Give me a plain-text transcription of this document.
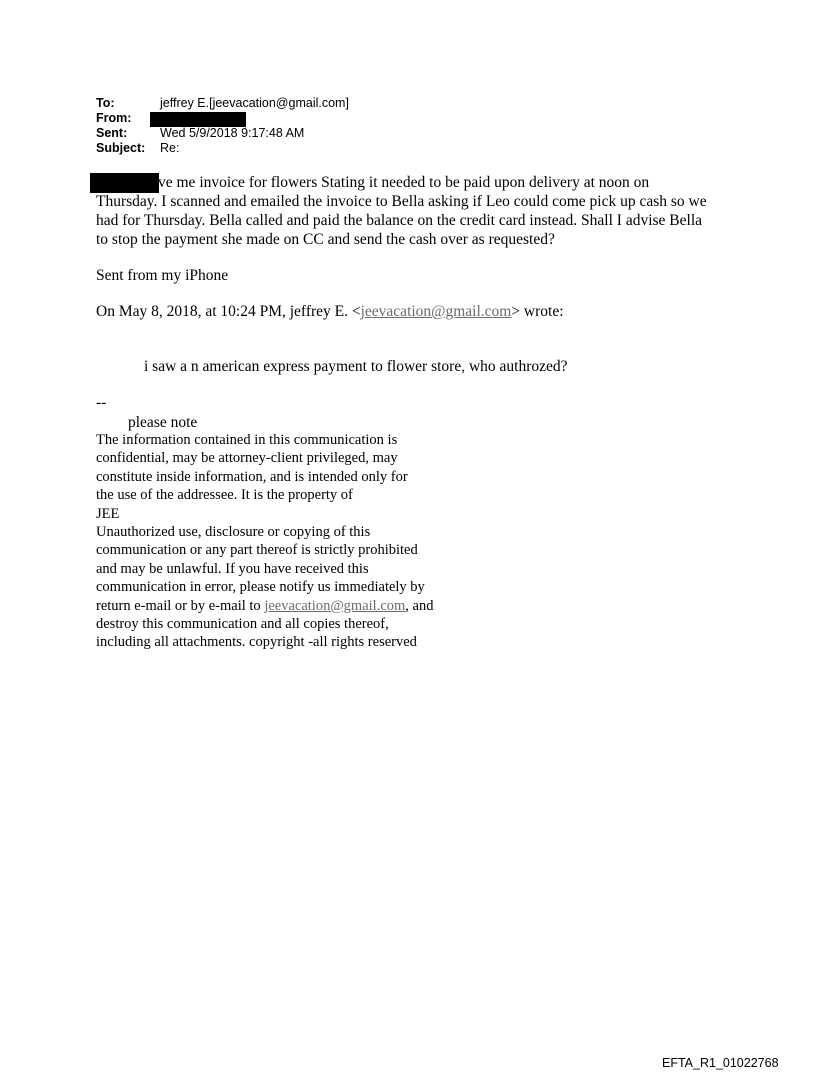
To:	jeffrey E.[jeevacation@gmail.com]
From:
Sent:	Wed 5/9/2018 9:17:48 AM
Subject: Re:
ve me invoice for flowers Stating it needed to be paid upon delivery at noon on
Thursday. I scanned and emailed the invoice to Bella asking if Leo could come pick up cash so we
had for Thursday. Bella called and paid the balance on the credit card instead. Shall I advise Bella
to stop the payment she made on CC and send the cash over as requested?
Sent from my iPhone
On May 8, 2018, at 10:24 PM, jeffrey E. <jeevacation@gmail.com> wrote:
i saw a n american express payment to flower store, who authrozed?
--
please note
The information contained in this communication is
confidential, may be attorney-client privileged, may
constitute inside information, and is intended only for
the use of the addressee. It is the property of
JEE
Unauthorized use, disclosure or copying of this
communication or any part thereof is strictly prohibited
and may be unlawful. If you have received this
communication in error, please notify us immediately by
return e-mail or by e-mail to jeevacation@gmail.com, and
destroy this communication and all copies thereof,
including all attachments. copyright -all rights reserved
EFTA_R1_01022768
